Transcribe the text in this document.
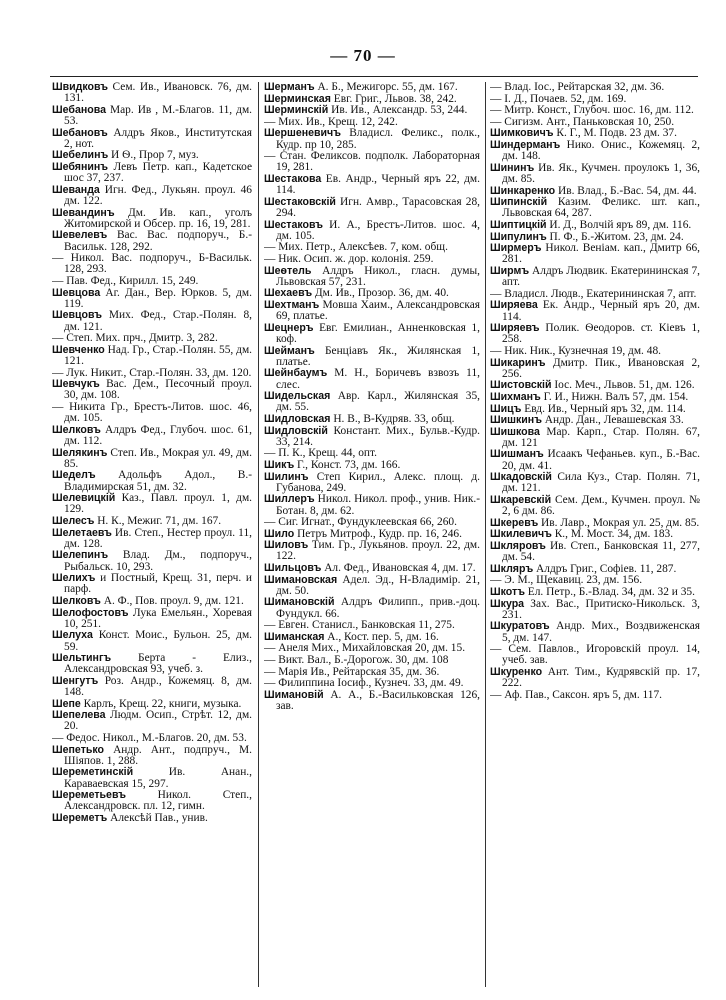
— 70 —

Швидковъ Сем. Ив., Ивановск. 76, дм. 131.

Шебанова Мар. Ив , М.-Благов. 11, дм. 53.

Шебановъ Алдръ Яков., Институтская 2, нот.

Шебелинъ И Ѳ., Прор 7, муз.

Шебянинъ Левъ Петр. кап., Кадетское шос 37, 237.

Шеванда Игн. Фед., Лукьян. проул. 46 дм. 122.

Шевандинъ Дм. Ив. кап., уголъ Житомирской и Обсер. пр. 16, 19, 281.

Шевелевъ Вас. Вас. подпоруч., Б.-Васильк. 128, 292.

— Никол. Вас. подпоруч., Б-Васильк. 128, 293.

— Пав. Фед., Кирилл. 15, 249.

Шевцова Аг. Дан., Вер. Юрков. 5, дм. 119.

Шевцовъ Мих. Фед., Стар.-Полян. 8, дм. 121.

— Степ. Мих. прч., Дмитр. 3, 282.

Шевченко Над. Гр., Стар.-Полян. 55, дм. 121.

— Лук. Никит., Стар.-Полян. 33, дм. 120.

Шевчукъ Вас. Дем., Песочный проул. 30, дм. 108.

— Никита Гр., Брестъ-Литов. шос. 46, дм. 105.

Шелковъ Алдръ Фед., Глубоч. шос. 61, дм. 112.

Шелякинъ Степ. Ив., Мокрая ул. 49, дм. 85.

Шеделъ Адольфъ Адол., В.-Владимирская 51, дм. 32.

Шелевицкій Каз., Павл. проул. 1, дм. 129.

Шелесъ Н. К., Межиг. 71, дм. 167.

Шелетаевъ Ив. Степ., Нестер проул. 11, дм. 128.

Шелепинъ Влад. Дм., подпоруч., Рыбальск. 10, 293.

Шелихъ и Постный, Крещ. 31, перч. и парф.

Шелковъ А. Ф., Пов. проул. 9, дм. 121.

Шелофостовъ Лука Емельян., Хоревая 10, 251.

Шелуха Конст. Моис., Бульон. 25, дм. 59.

Шельтингъ Берта - Елиз., Александровская 93, учеб. з.

Шенгутъ Роз. Андр., Кожемяц. 8, дм. 148.

Шепе Карлъ, Крещ. 22, книги, музыка.

Шепелева Людм. Осип., Стрѣт. 12, дм. 20.

— Федос. Никол., М.-Благов. 20, дм. 53.

Шепетько Андр. Ант., подпруч., М. Шіяпов. 1, 288.

Шереметинскій Ив. Анан., Караваевская 15, 297.

Шереметьевъ Никол. Степ., Александровск. пл. 12, гимн.

Шереметъ Алексѣй Пав., унив.

Шерманъ А. Б., Межигорс. 55, дм. 167.

Шерминская Евг. Григ., Львов. 38, 242.

Шерминскій Ив. Ив., Александр. 53, 244.

— Мих. Ив., Крещ. 12, 242.

Шершеневичъ Владисл. Феликс., полк., Кудр. пр 10, 285.

— Стан. Феликсов. подполк. Лабораторная 19, 281.

Шестакова Ев. Андр., Черный яръ 22, дм. 114.

Шестаковскій Игн. Амвр., Тарасовская 28, 294.

Шестаковъ И. А., Брестъ-Литов. шос. 4, дм. 105.

— Мих. Петр., Алексѣев. 7, ком. общ.

— Ник. Осип. ж. дор. колонія. 259.

Шеѳтель Алдръ Никол., гласн. думы, Львовская 57, 231.

Шехаевъ Дм. Ив., Прозор. 36, дм. 40.

Шехтманъ Мовша Хаим., Александровская 69, платье.

Шецнеръ Евг. Емилиан., Анненковская 1, коф.

Шейманъ Бенціавъ Як., Жилянская 1, платье.

Шейнбаумъ М. Н., Боричевъ взвозъ 11, слес.

Шидельская Авр. Карл., Жилянская 35, дм. 55.

Шидловская Н. В., В-Кудряв. 33, общ.

Шидловскій Констант. Мих., Бульв.-Кудр. 33, 214.

— П. К., Крещ. 44, опт.

Шикъ Г., Конст. 73, дм. 166.

Шилинъ Степ Кирил., Алекс. площ. д. Губанова, 249.

Шиллеръ Никол. Никол. проф., унив. Ник.-Ботан. 8, дм. 62.

— Сиг. Игнат., Фундуклеевская 66, 260.

Шило Петръ Митроф., Кудр. пр. 16, 246.

Шиловъ Тим. Гр., Лукьянов. проул. 22, дм. 122.

Шильцовъ Ал. Фед., Ивановская 4, дм. 17.

Шимановская Адел. Эд., Н-Владимір. 21, дм. 50.

Шимановскій Алдръ Филипп., прив.-доц. Фундукл. 66.

— Евген. Станисл., Банковская 11, 275.

Шиманская А., Кост. пер. 5, дм. 16.

— Анеля Мих., Михайловская 20, дм. 15.

— Викт. Вал., Б.-Дорогож. 30, дм. 108

— Марія Ив., Рейтарская 35, дм. 36.

— Филиппина Іосиф., Кузнеч. 33, дм. 49.

Шимановій А. А., Б.-Васильковская 126, зав.

— Влад. Іос., Рейтарская 32, дм. 36.

— I. Д., Почаев. 52, дм. 169.

— Митр. Конст., Глубоч. шос. 16, дм. 112.

— Сигизм. Ант., Паньковская 10, 250.

Шимковичъ К. Г., М. Подв. 23 дм. 37.

Шиндерманъ Нико. Онис., Кожемяц. 2, дм. 148.

Шининъ Ив. Як., Кучмен. проулокъ 1, 36, дм. 85.

Шинкаренко Ив. Влад., Б.-Вас. 54, дм. 44.

Шипинскій Казим. Феликс. шт. кап., Львовская 64, 287.

Шиптицкій И. Д., Волчій яръ 89, дм. 116.

Шипулинъ П. Ф., Б.-Житом. 23, дм. 24.

Ширмеръ Никол. Веніам. кап., Дмитр 66, 281.

Ширмъ Алдръ Людвик. Екатерининская 7, апт.

— Владисл. Людв., Екатерининская 7, апт.

Ширяева Ек. Андр., Черный яръ 20, дм. 114.

Ширяевъ Полик. Ѳеодоров. ст. Кіевъ 1, 258.

— Ник. Ник., Кузнечная 19, дм. 48.

Шикаринъ Дмитр. Пик., Ивановская 2, 256.

Шистовскій Іос. Меч., Львов. 51, дм. 126.

Шихманъ Г. И., Нижн. Валъ 57, дм. 154.

Шицъ Евд. Ив., Черный яръ 32, дм. 114.

Шишкинъ Андр. Дан., Левашевская 33.

Шишкова Мар. Карп., Стар. Полян. 67, дм. 121

Шишманъ Исаакъ Чефаньев. куп., Б.-Вас. 20, дм. 41.

Шкадовскій Сила Куз., Стар. Полян. 71, дм. 121.

Шкаревскій Сем. Дем., Кучмен. проул. № 2, 6 дм. 86.

Шкеревъ Ив. Лавр., Мокрая ул. 25, дм. 85.

Шкилевичъ К., М. Мост. 34, дм. 183.

Шкляровъ Ив. Степ., Банковская 11, 277, дм. 54.

Шкляръ Алдръ Григ., Софіев. 11, 287.

— Э. М., Щекавиц. 23, дм. 156.

Шкотъ Ел. Петр., Б.-Влад. 34, дм. 32 и 35.

Шкура Зах. Вас., Притиско-Никольск. 3, 231.

Шкуратовъ Андр. Мих., Воздвиженская 5, дм. 147.

— Сем. Павлов., Игоровскій проул. 14, учеб. зав.

Шкуренко Ант. Тим., Кудрявскій пр. 17, 222.

— Аф. Пав., Саксон. яръ 5, дм. 117.
